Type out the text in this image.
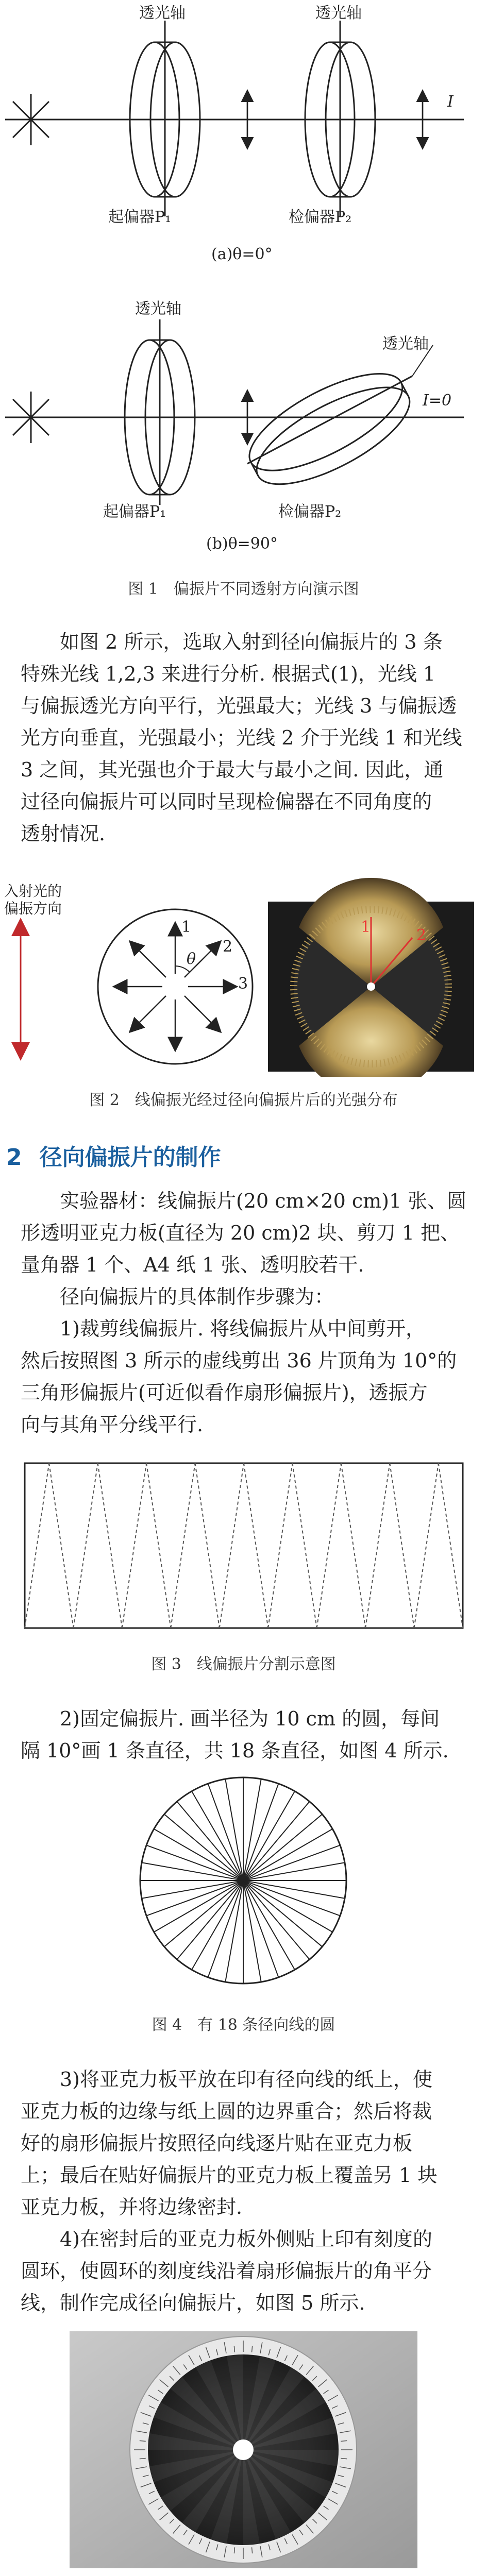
透光轴	透光轴
I
起偏器P₁	检偏器P₂
(a)θ=0°
透光轴
透光轴
I=0
起偏器P₁	检偏器P₂
(b)θ=90°
图 1　偏振片不同透射方向演示图
如图 2 所示，选取入射到径向偏振片的 3 条
特殊光线 1,2,3 来进行分析. 根据式(1)，光线 1
与偏振透光方向平行，光强最大；光线 3 与偏振透
光方向垂直，光强最小；光线 2 介于光线 1 和光线
3 之间，其光强也介于最大与最小之间. 因此，通
过径向偏振片可以同时呈现检偏器在不同角度的
透射情况.
入射光的
偏振方向
1
2
3
θ
1	2
图 2　线偏振光经过径向偏振片后的光强分布
2 径向偏振片的制作
实验器材：线偏振片(20 cm×20 cm)1 张、圆
形透明亚克力板(直径为 20 cm)2 块、剪刀 1 把、
量角器 1 个、A4 纸 1 张、透明胶若干.
径向偏振片的具体制作步骤为：
1)裁剪线偏振片. 将线偏振片从中间剪开，
然后按照图 3 所示的虚线剪出 36 片顶角为 10°的
三角形偏振片(可近似看作扇形偏振片)，透振方
向与其角平分线平行.
图 3　线偏振片分割示意图
2)固定偏振片. 画半径为 10 cm 的圆，每间
隔 10°画 1 条直径，共 18 条直径，如图 4 所示.
图 4　有 18 条径向线的圆
3)将亚克力板平放在印有径向线的纸上，使
亚克力板的边缘与纸上圆的边界重合；然后将裁
好的扇形偏振片按照径向线逐片贴在亚克力板
上；最后在贴好偏振片的亚克力板上覆盖另 1 块
亚克力板，并将边缘密封.
4)在密封后的亚克力板外侧贴上印有刻度的
圆环，使圆环的刻度线沿着扇形偏振片的角平分
线，制作完成径向偏振片，如图 5 所示.
